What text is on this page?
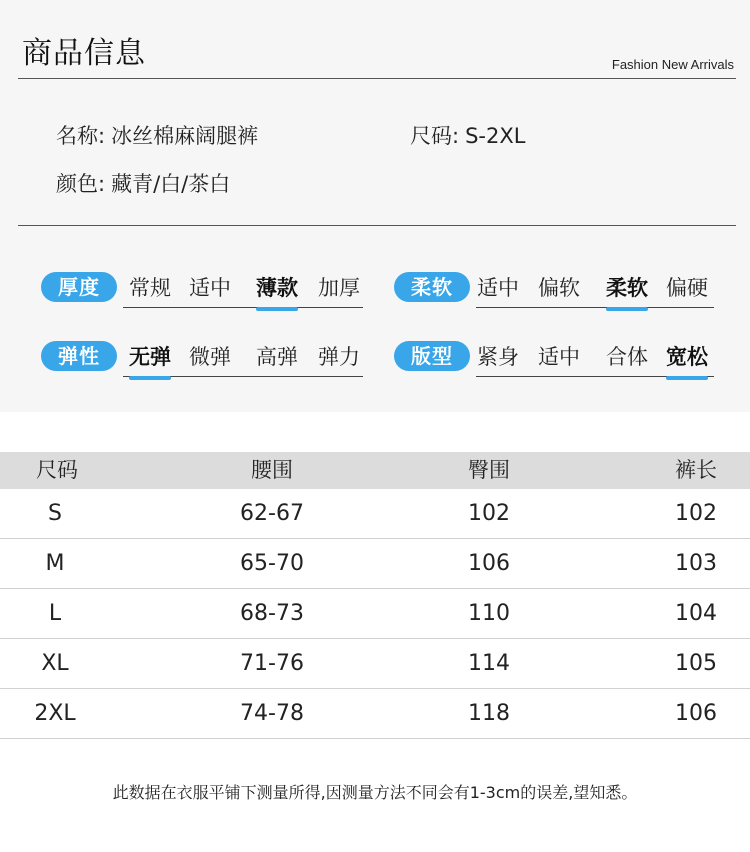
商品信息	Fashion New Arrivals
名称: 冰丝棉麻阔腿裤	尺码: S-2XL
颜色: 藏青/白/茶白
厚度	常规 适中 薄款 加厚	柔软	适中 偏软 柔软 偏硬
弹性	无弹 微弹 高弹 弹力	版型	紧身 适中 合体 宽松
尺码	腰围	臀围	裤长
S	62-67	102	102
M	65-70	106	103
L	68-73	110	104
XL	71-76	114	105
2XL	74-78	118	106
此数据在衣服平铺下测量所得,因测量方法不同会有1-3cm的误差,望知悉。
